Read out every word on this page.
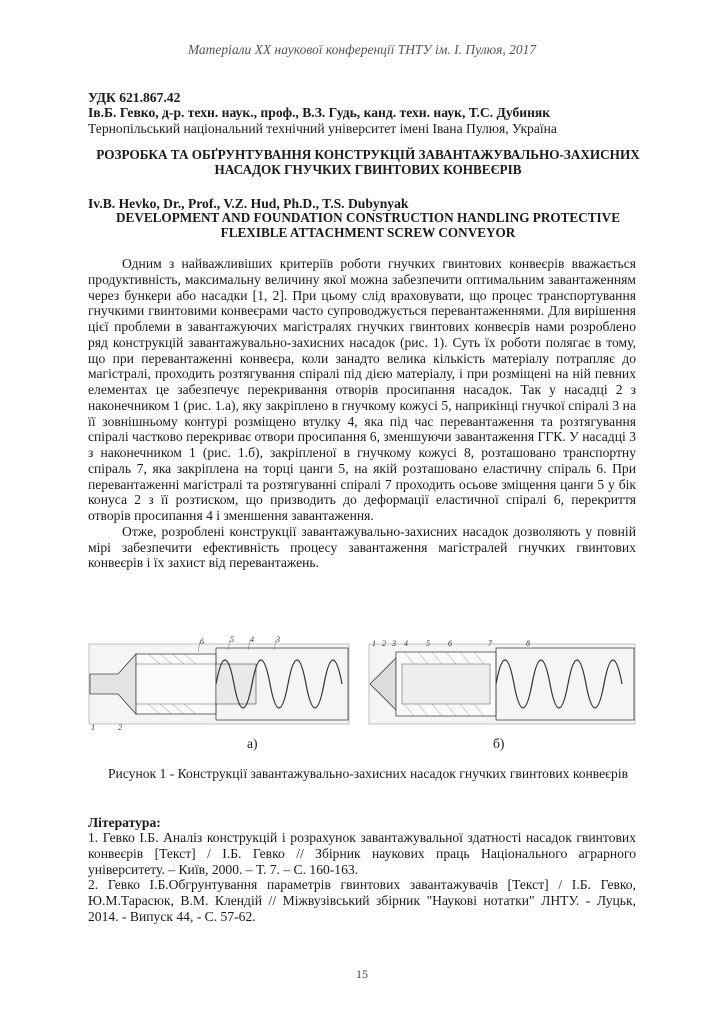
Матеріали ХХ наукової конференції ТНТУ ім. І. Пулюя, 2017
УДК 621.867.42
Ів.Б. Гевко, д-р. техн. наук., проф., В.З. Гудь, канд. техн. наук, Т.С. Дубиняк
Тернопільський національний технічний університет імені Івана Пулюя, Україна
РОЗРОБКА ТА ОБҐРУНТУВАННЯ КОНСТРУКЦІЙ ЗАВАНТАЖУВАЛЬНО-ЗАХИСНИХ НАСАДОК ГНУЧКИХ ГВИНТОВИХ КОНВЕЄРІВ
Iv.B. Hevko, Dr., Prof., V.Z. Hud, Ph.D., T.S. Dubynyak
DEVELOPMENT AND FOUNDATION CONSTRUCTION HANDLING PROTECTIVE FLEXIBLE ATTACHMENT SCREW CONVEYOR

Одним з найважливіших критеріїв роботи гнучких гвинтових конвеєрів вважається продуктивність, максимальну величину якої можна забезпечити оптимальним завантаженням через бункери або насадки [1, 2]. При цьому слід враховувати, що процес транспортування гнучкими гвинтовими конвеєрами часто супроводжується перевантаженнями. Для вирішення цієї проблеми в завантажуючих магістралях гнучких гвинтових конвеєрів нами розроблено ряд конструкцій завантажувально-захисних насадок (рис. 1). Суть їх роботи полягає в тому, що при перевантаженні конвеєра, коли занадто велика кількість матеріалу потрапляє до магістралі, проходить розтягування спіралі під дією матеріалу, і при розміщені на ній певних елементах це забезпечує перекривання отворів просипання насадок. Так у насадці 2 з наконечником 1 (рис. 1.а), яку закріплено в гнучкому кожусі 5, наприкінці гнучкої спіралі 3 на її зовнішньому контурі розміщено втулку 4, яка під час перевантаження та розтягування спіралі частково перекриває отвори просипання 6, зменшуючи завантаження ГГК. У насадці 3 з наконечником 1 (рис. 1.б), закріпленої в гнучкому кожусі 8, розташовано транспортну спіраль 7, яка закріплена на торці цанги 5, на якій розташовано еластичну спіраль 6. При перевантаженні магістралі та розтягуванні спіралі 7 проходить осьове зміщення цанги 5 у бік конуса 2 з її розтиском, що призводить до деформації еластичної спіралі 6, перекриття отворів просипання 4 і зменшення завантаження.

Отже, розроблені конструкції завантажувально-захисних насадок дозволяють у повній мірі забезпечити ефективність процесу завантаження магістралей гнучких гвинтових конвеєрів і їх захист від перевантажень.

1	2
3
4
5
6	1 2 3 4 5 6	7	8
а)	б)
Рисунок 1 - Конструкції завантажувально-захисних насадок гнучких гвинтових конвеєрів
Література:

1. Гевко І.Б. Аналіз конструкцій і розрахунок завантажувальної здатності насадок гвинтових конвеєрів [Текст] / І.Б. Гевко // Збірник наукових праць Національного аграрного університету. – Київ, 2000. – Т. 7. – С. 160-163.

2. Гевко І.Б.Обгрунтування параметрів гвинтових завантажувачів [Текст] / І.Б. Гевко, Ю.М.Тарасюк, В.М. Клендій // Міжвузівський збірник "Наукові нотатки" ЛНТУ. - Луцьк, 2014. - Випуск 44, - С. 57-62.

15
